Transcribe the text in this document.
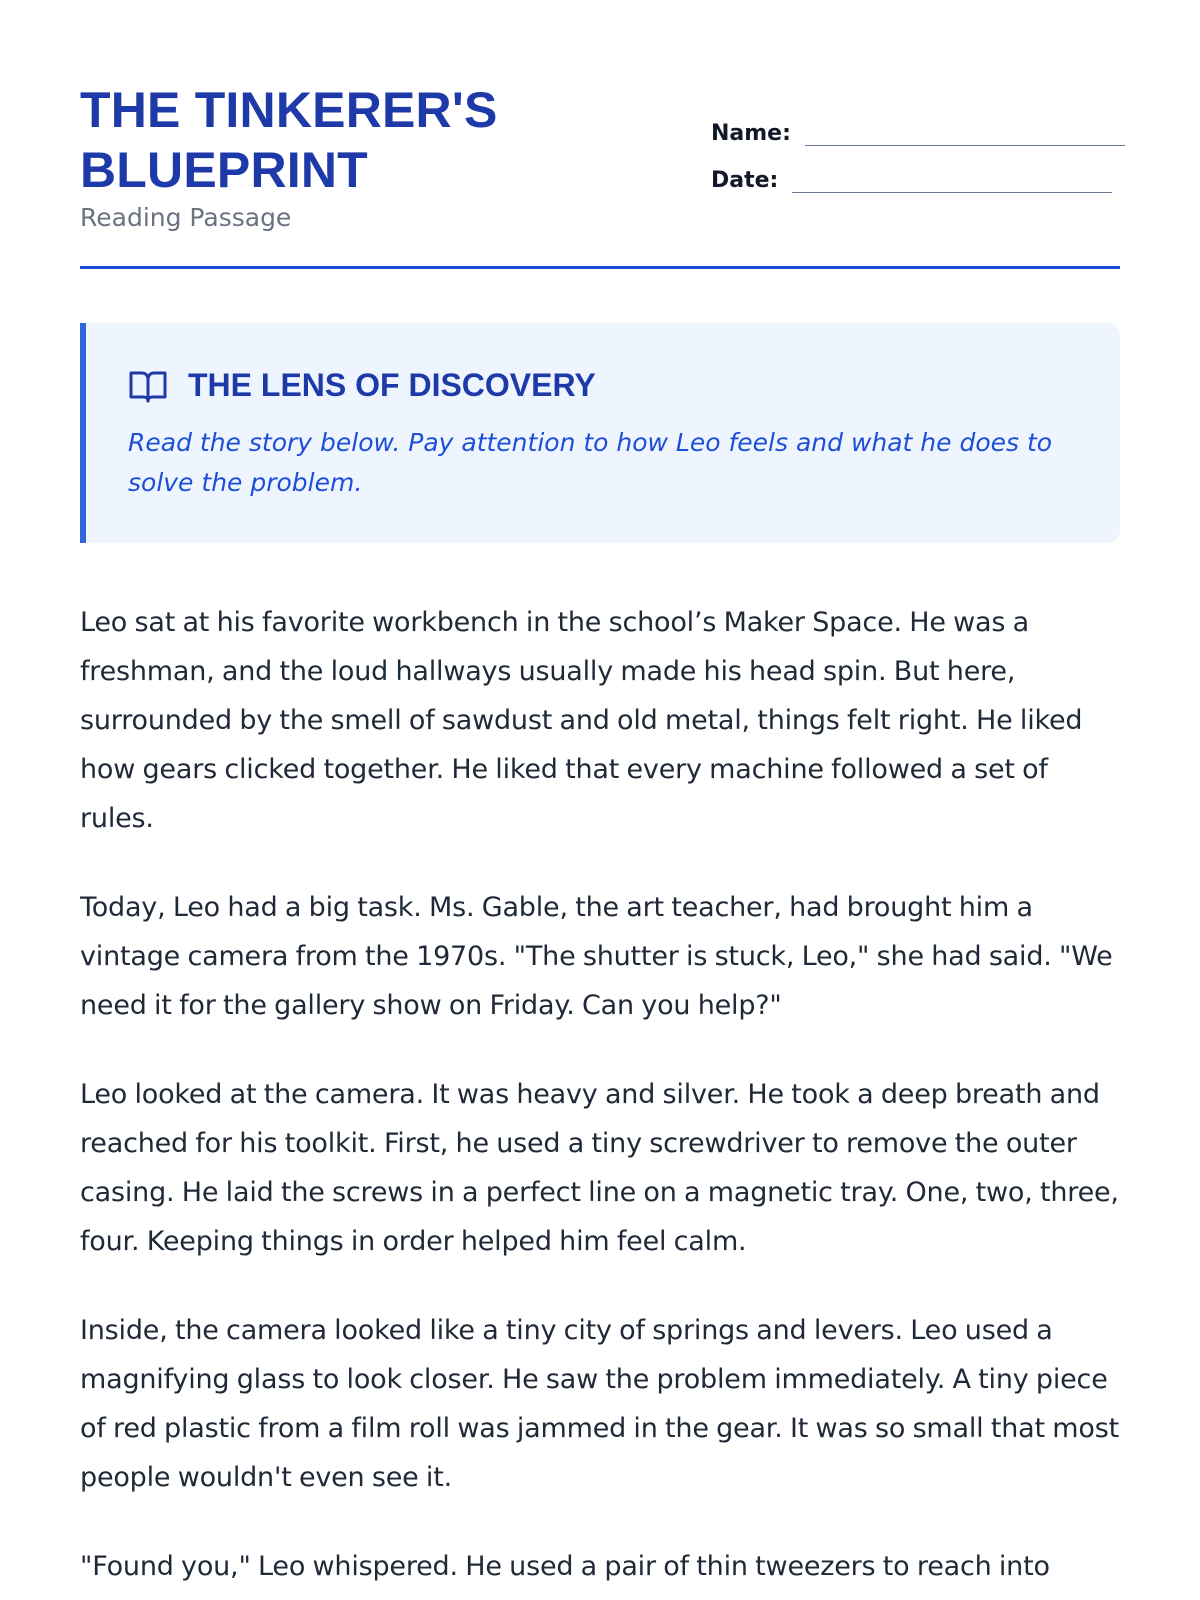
THE TINKERER'S BLUEPRINT
Reading Passage
Name:
Date:
THE LENS OF DISCOVERY
Read the story below. Pay attention to how Leo feels and what he does to solve the problem.

Leo sat at his favorite workbench in the school’s Maker Space. He was a freshman, and the loud hallways usually made his head spin. But here, surrounded by the smell of sawdust and old metal, things felt right. He liked how gears clicked together. He liked that every machine followed a set of rules.

Today, Leo had a big task. Ms. Gable, the art teacher, had brought him a vintage camera from the 1970s. "The shutter is stuck, Leo," she had said. "We need it for the gallery show on Friday. Can you help?"

Leo looked at the camera. It was heavy and silver. He took a deep breath and reached for his toolkit. First, he used a tiny screwdriver to remove the outer casing. He laid the screws in a perfect line on a magnetic tray. One, two, three, four. Keeping things in order helped him feel calm.

Inside, the camera looked like a tiny city of springs and levers. Leo used a magnifying glass to look closer. He saw the problem immediately. A tiny piece of red plastic from a film roll was jammed in the gear. It was so small that most people wouldn't even see it.

"Found you," Leo whispered. He used a pair of thin tweezers to reach into
